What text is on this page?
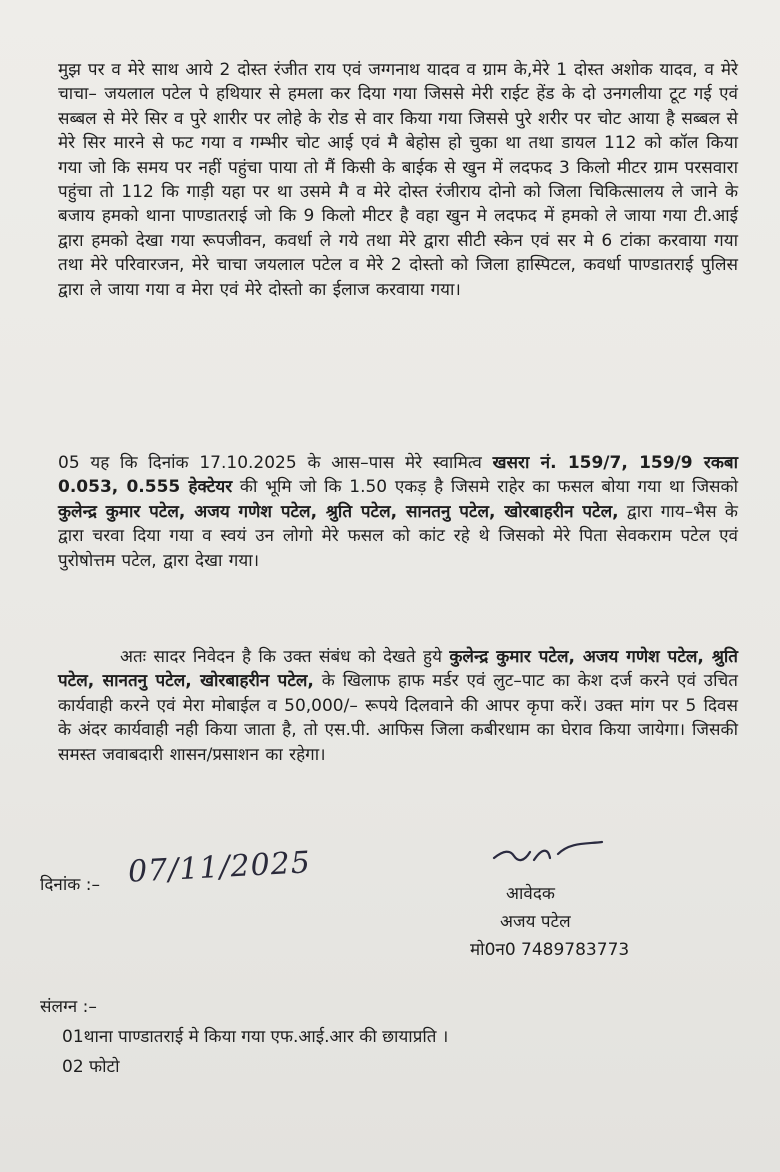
मुझ पर व मेरे साथ आये 2 दोस्त रंजीत राय एवं जग्गनाथ यादव व ग्राम के,मेरे 1 दोस्त अशोक यादव, व मेरे चाचा– जयलाल पटेल पे हथियार से हमला कर दिया गया जिससे मेरी राईट हेंड के दो उनगलीया टूट गई एवं सब्बल से मेरे सिर व पुरे शारीर पर लोहे के रोड से वार किया गया जिससे पुरे शरीर पर चोट आया है सब्बल से मेरे सिर मारने से फट गया व गम्भीर चोट आई एवं मै बेहोस हो चुका था तथा डायल 112 को कॉल किया गया जो कि समय पर नहीं पहुंचा पाया तो मैं किसी के बाईक से खुन में लदफद 3 किलो मीटर ग्राम परसवारा पहुंचा तो 112 कि गाड़ी यहा पर था उसमे मै व मेरे दोस्त रंजीराय दोनो को जिला चिकित्सालय ले जाने के बजाय हमको थाना पाण्डातराई जो कि 9 किलो मीटर है वहा खुन मे लदफद में हमको ले जाया गया टी.आई द्वारा हमको देखा गया रूपजीवन, कवर्धा ले गये तथा मेरे द्वारा सीटी स्केन एवं सर मे 6 टांका करवाया गया तथा मेरे परिवारजन, मेरे चाचा जयलाल पटेल व मेरे 2 दोस्तो को जिला हास्पिटल, कवर्धा पाण्डातराई पुलिस द्वारा ले जाया गया व मेरा एवं मेरे दोस्तो का ईलाज करवाया गया।
05 यह कि दिनांक 17.10.2025 के आस–पास मेरे स्वामित्व खसरा नं. 159/7, 159/9 रकबा 0.053, 0.555 हेक्टेयर की भूमि जो कि 1.50 एकड़ है जिसमे राहेर का फसल बोया गया था जिसको कुलेन्द्र कुमार पटेल, अजय गणेश पटेल, श्रुति पटेल, सानतनु पटेल, खोरबाहरीन पटेल, द्वारा गाय–भैस के द्वारा चरवा दिया गया व स्वयं उन लोगो मेरे फसल को कांट रहे थे जिसको मेरे पिता सेवकराम पटेल एवं पुरोषोत्तम पटेल, द्वारा देखा गया।
अतः सादर निवेदन है कि उक्त संबंध को देखते हुये कुलेन्द्र कुमार पटेल, अजय गणेश पटेल, श्रुति पटेल, सानतनु पटेल, खोरबाहरीन पटेल, के खिलाफ हाफ मर्डर एवं लुट–पाट का केश दर्ज करने एवं उचित कार्यवाही करने एवं मेरा मोबाईल व 50,000/– रूपये दिलवाने की आपर कृपा करें। उक्त मांग पर 5 दिवस के अंदर कार्यवाही नही किया जाता है, तो एस.पी. आफिस जिला कबीरधाम का घेराव किया जायेगा। जिसकी समस्त जवाबदारी शासन/प्रसाशन का रहेगा।
दिनांक :– 07/11/2025
आवेदक
अजय पटेल
मो0न0 7489783773
संलग्न :–
01थाना पाण्डातराई मे किया गया एफ.आई.आर की छायाप्रति ।
02 फोटो
